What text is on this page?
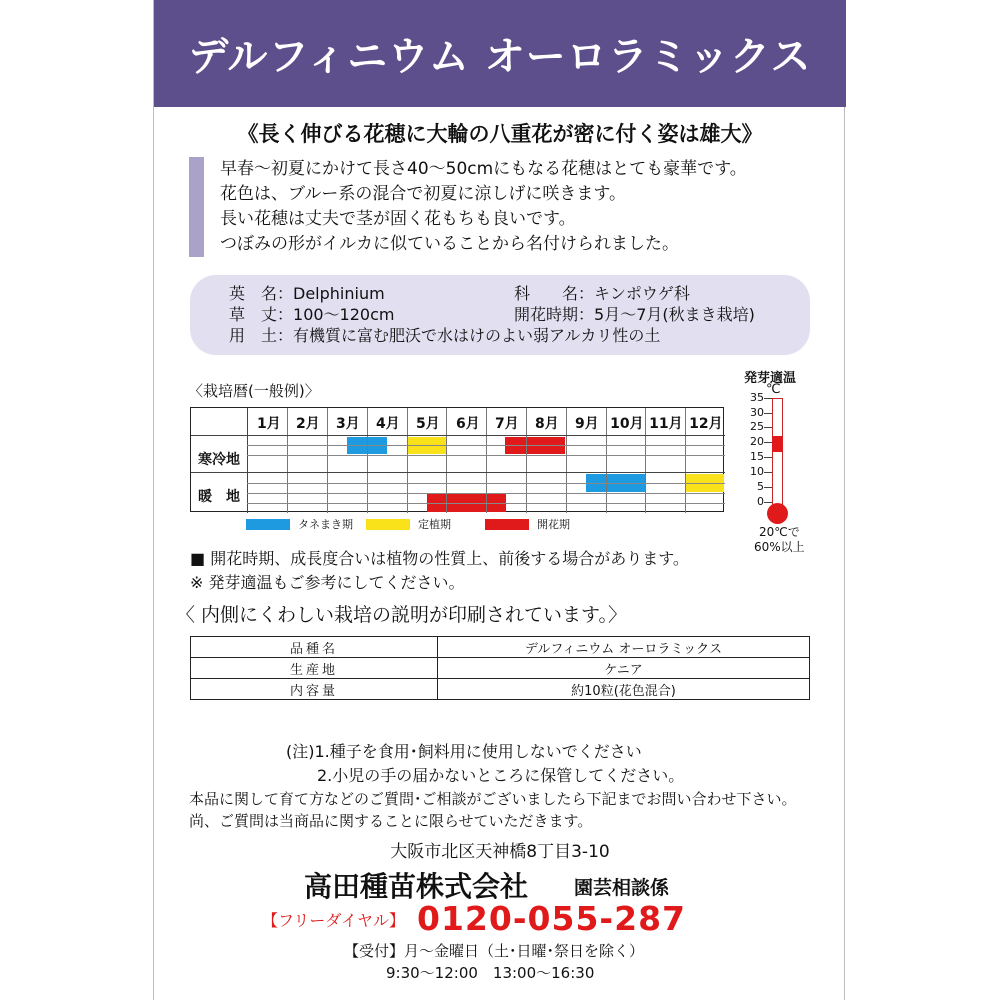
デルフィニウム オーロラミックス
《長く伸びる花穂に大輪の八重花が密に付く姿は雄大》
早春～初夏にかけて長さ40～50cmにもなる花穂はとても豪華です。
花色は、ブルー系の混合で初夏に涼しげに咲きます。
長い花穂は丈夫で茎が固く花もちも良いです。
つぼみの形がイルカに似ていることから名付けられました。
英　名：Delphinium	科　　名：キンポウゲ科
草　丈：100～120cm	開花時期：5月～7月(秋まき栽培)
用　土：有機質に富む肥沃で水はけのよい弱アルカリ性の土
〈栽培暦(一般例)〉
1月	2月	3月	4月	5月	6月	7月	8月	9月 10月 11月 12月
寒冷地
暖　地
タネまき期	定植期	開花期
発芽適温
℃
35
30
25
20
15
10
5
0
20℃で
60%以上
■ 開花時期、成長度合いは植物の性質上、前後する場合があります。
※ 発芽適温もご参考にしてください。
〈 内側にくわしい栽培の説明が印刷されています。〉
品種名	デルフィニウム オーロラミックス
生産地	ケニア
内容量	約10粒(花色混合)
(注)1.種子を食用･飼料用に使用しないでください
2.小児の手の届かないところに保管してください。
本品に関して育て方などのご質問･ご相談がございましたら下記までお問い合わせ下さい。
尚、ご質問は当商品に関することに限らせていただきます。
大阪市北区天神橋8丁目3-10
高田種苗株式会社 園芸相談係
【フリーダイヤル】 0120-055-287
【受付】月～金曜日（土･日曜･祭日を除く）
9:30～12:00　13:00～16:30
